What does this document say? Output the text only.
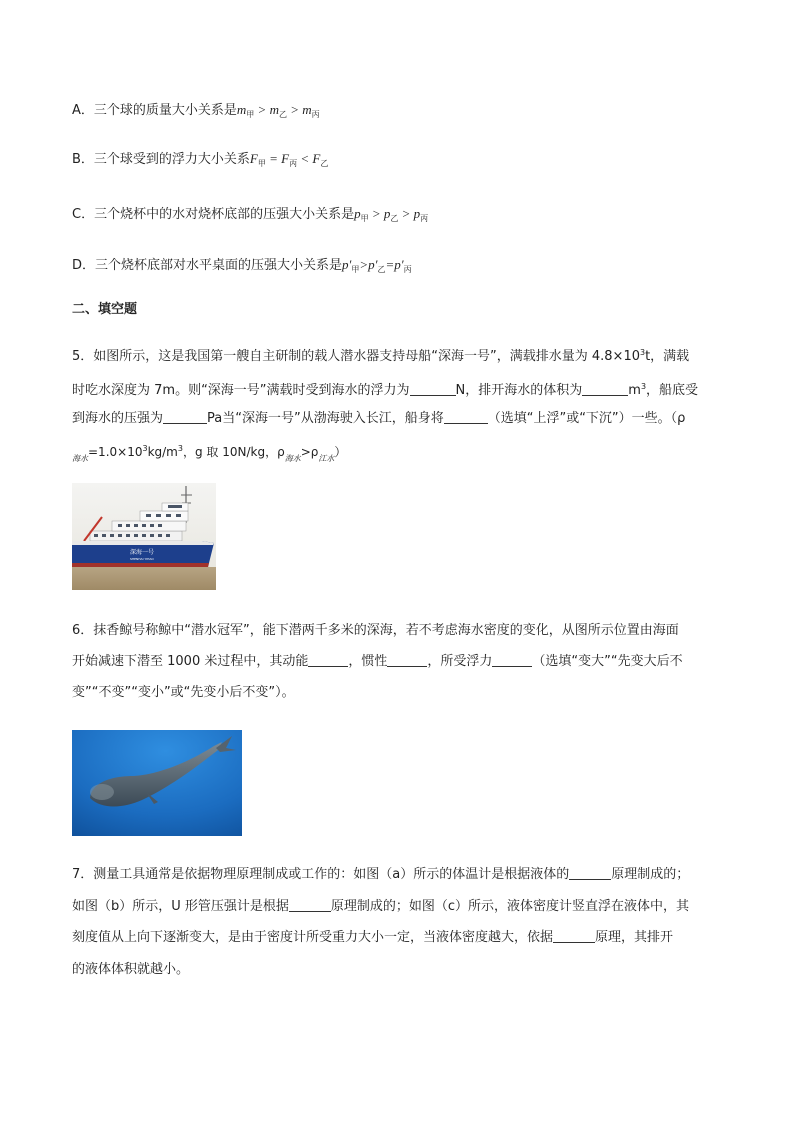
A．三个球的质量大小关系是$m_甲 > m_乙 > m_丙$
B．三个球受到的浮力大小关系$F_甲 = F_丙 < F_乙$
C．三个烧杯中的水对烧杯底部的压强大小关系是$p_甲 > p_乙 > p_丙$
D．三个烧杯底部对水平桌面的压强大小关系是$p'_甲>p'_乙=p'_丙$
二、填空题
5．如图所示，这是我国第一艘自主研制的载人潜水器支持母船“深海一号”，满载排水量为 $4.8\times 10^3t$，满载
时吃水深度为 7m。则“深海一号”满载时受到海水的浮力为	N，排开海水的体积为	$m^3$，船底受
到海水的压强为	Pa当“深海一号”从渤海驶入长江，船身将	（选填“上浮”或“下沉”）一些。（ρ
$_{海水}=1.0\times 10^3kg/m^3$，g 取 10N/kg，$\rho_{海水}>\rho_{江水}$）
深海一号
SHENHAI YIHAO
6．抹香鲸号称鲸中“潜水冠军”，能下潜两千多米的深海，若不考虑海水密度的变化，从图所示位置由海面
开始减速下潜至 1000 米过程中，其动能	，惯性	，所受浮力	（选填“变大”“先变大后不
变”“不变”“变小”或“先变小后不变”）。
7．测量工具通常是依据物理原理制成或工作的：如图（a）所示的体温计是根据液体的	原理制成的；
如图（b）所示，U 形管压强计是根据	原理制成的；如图（c）所示，液体密度计竖直浮在液体中，其
刻度值从上向下逐渐变大，是由于密度计所受重力大小一定，当液体密度越大，依据	原理，其排开
的液体体积就越小。
